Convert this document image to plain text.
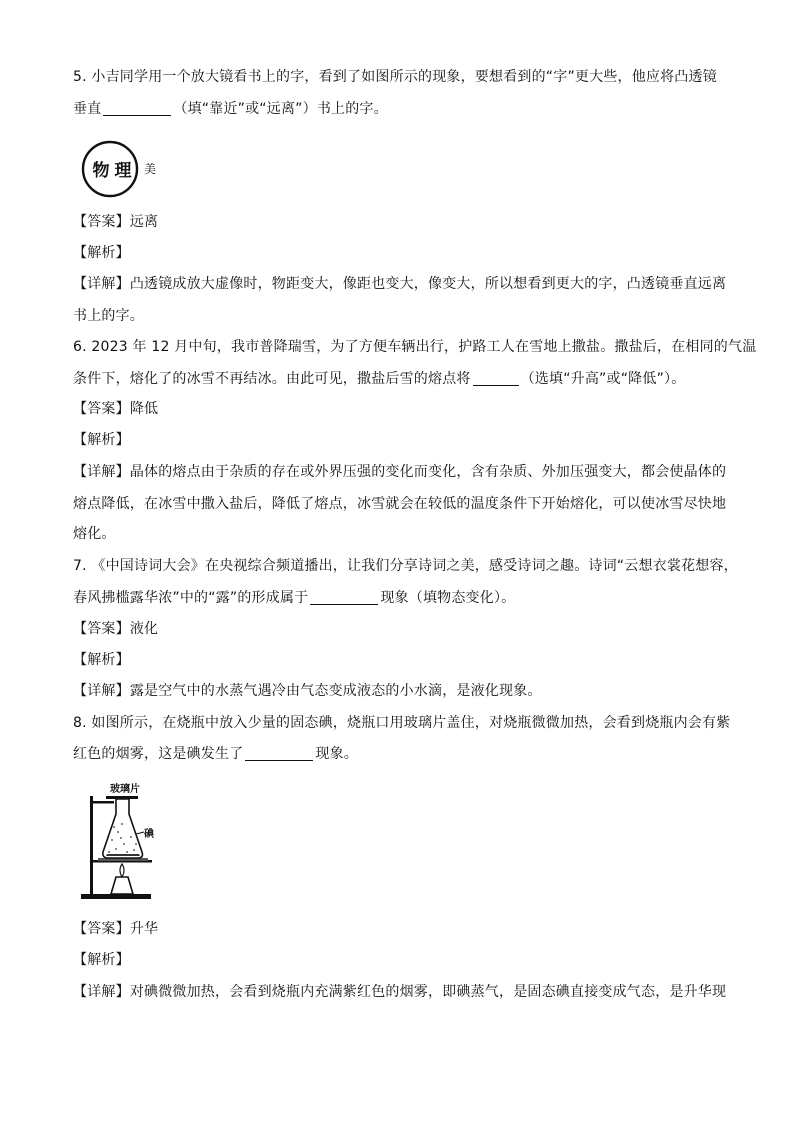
5. 小吉同学用一个放大镜看书上的字，看到了如图所示的现象，要想看到的“字”更大些，他应将凸透镜
垂直	（填“靠近”或“远离”）书上的字。
物 理 美
【答案】远离
【解析】
【详解】凸透镜成放大虚像时，物距变大，像距也变大，像变大，所以想看到更大的字，凸透镜垂直远离
书上的字。
6. 2023 年 12 月中旬，我市普降瑞雪，为了方便车辆出行，护路工人在雪地上撒盐。撒盐后，在相同的气温
条件下，熔化了的冰雪不再结冰。由此可见，撒盐后雪的熔点将	（选填“升高”或“降低”）。
【答案】降低
【解析】
【详解】晶体的熔点由于杂质的存在或外界压强的变化而变化，含有杂质、外加压强变大，都会使晶体的
熔点降低，在冰雪中撒入盐后，降低了熔点，冰雪就会在较低的温度条件下开始熔化，可以使冰雪尽快地
熔化。
7. 《中国诗词大会》在央视综合频道播出，让我们分享诗词之美，感受诗词之趣。诗词“云想衣裳花想容，
春风拂槛露华浓”中的“露”的形成属于	现象（填物态变化）。
【答案】液化
【解析】
【详解】露是空气中的水蒸气遇冷由气态变成液态的小水滴，是液化现象。
8. 如图所示，在烧瓶中放入少量的固态碘，烧瓶口用玻璃片盖住，对烧瓶微微加热，会看到烧瓶内会有紫
红色的烟雾，这是碘发生了	现象。
玻璃片
碘
【答案】升华
【解析】
【详解】对碘微微加热，会看到烧瓶内充满紫红色的烟雾，即碘蒸气，是固态碘直接变成气态，是升华现
